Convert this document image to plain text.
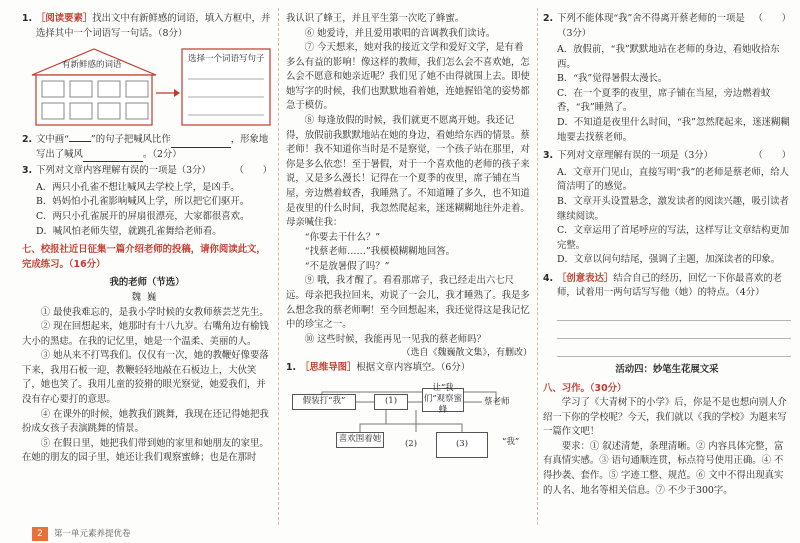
1. ［阅读要素］找出文中有新鲜感的词语，填入方框中，并选择其中一个词语写一句话。（8分）
有新鲜感的词语
选择一个词语写句子
2. 文中画“ ”的句子把喊风比作	，形象地写出了喊风	。（2分）
3. 下列对文章内容理解有误的一项是（3分）	（　　）
A．两只小孔雀不想让喊风去学校上学，是凶手。
B．妈妈怕小孔雀影响喊风上学，所以把它们驱开。
C．两只小孔雀展开的屏扇很漂亮，大家都很喜欢。
D．喊风怕老师失望，就跳孔雀舞给老师看。
七、校报社近日征集一篇介绍老师的投稿，请你阅读此文，完成练习。（16分）
我的老师（节选）
魏巍
① 最使我难忘的，是我小学时候的女教师蔡芸芝先生。
② 现在回想起来，她那时有十八九岁。右嘴角边有榆钱大小的黑痣。在我的记忆里，她是一个温柔、美丽的人。
③ 她从来不打骂我们。仅仅有一次，她的教鞭好像要落下来，我用石板一迎，教鞭轻轻地敲在石板边上，大伙笑了，她也笑了。我用儿童的狡猾的眼光察觉，她爱我们，并没有存心要打的意思。
④ 在课外的时候，她教我们跳舞，我现在还记得她把我扮成女孩子表演跳舞的情景。
⑤ 在假日里，她把我们带到她的家里和她朋友的家里。在她的朋友的园子里，她还让我们观察蜜蜂；也是在那时
我认识了蜂王，并且平生第一次吃了蜂蜜。
⑥ 她爱诗，并且爱用歌唱的音调教我们读诗。
⑦ 今天想来，她对我的接近文学和爱好文学，是有着多么有益的影响！像这样的教师，我们怎么会不喜欢她，怎么会不愿意和她亲近呢？我们见了她不由得就围上去。即使她写字的时候，我们也默默地看着她，连她握铅笔的姿势都急于模仿。
⑧ 每逢放假的时候，我们就更不愿离开她。我还记得，放假前我默默地站在她的身边，看她给东西的情景。蔡老师！我不知道你当时是不是察觉，一个孩子站在那里，对你是多么依恋！至于暑假，对于一个喜欢他的老师的孩子来说，又是多么漫长！记得在一个夏季的夜里，席子铺在当屋，旁边燃着蚊香，我睡熟了。不知道睡了多久，也不知道是夜里的什么时间，我忽然爬起来，迷迷糊糊地往外走着。母亲喊住我：
“你要去干什么？”
“找蔡老师……”我模模糊糊地回答。
“不是放暑假了吗？”
⑨ 哦，我才醒了。看看那席子，我已经走出六七尺远。母亲把我拉回来，劝说了一会儿，我才睡熟了。我是多么想念我的蔡老师啊！至今回想起来，我还觉得这是我记忆中的珍宝之一。
⑩ 这些时候，我能再见一见我的蔡老师吗？
（选自《魏巍散文集》，有删改）
1. ［思维导图］根据文章内容填空。（6分）
假装打“我”	(1)
让“我们”观察蜜蜂
蔡老师
喜欢围着她	(3)
(2)	“我”
2. 下列不能体现“我”舍不得离开蔡老师的一项是（3分）
（　　）
A．放假前，“我”默默地站在老师的身边，看她收拾东西。
B．“我”觉得暑假太漫长。
C．在一个夏季的夜里，席子铺在当屋，旁边燃着蚊香，“我”睡熟了。
D．不知道是夜里什么时间，“我”忽然爬起来，迷迷糊糊地要去找蔡老师。
3. 下列对文章理解有误的一项是（3分）	（　　）
A．文章开门见山，直接写明“我”的老师是蔡老师，给人简洁明了的感觉。
B．文章开头设置悬念，激发读者的阅读兴趣，吸引读者继续阅读。
C．文章运用了首尾呼应的写法，这样写让文章结构更加完整。
D．文章以问句结尾，强调了主题，加深读者的印象。
4. ［创意表达］结合自己的经历，回忆一下你最喜欢的老师，试着用一两句话写写他（她）的特点。（4分）
活动四：妙笔生花展文采
八、习作。（30分）
学习了《大青树下的小学》后，你是不是也想向别人介绍一下你的学校呢？今天，我们就以《我的学校》为题来写一篇作文吧！
要求：① 叙述清楚，条理清晰。② 内容具体完整，富有真情实感。③ 语句通顺连贯，标点符号使用正确。④ 不得抄袭、套作。⑤ 字迹工整、规范。⑥ 文中不得出现真实的人名、地名等相关信息。⑦ 不少于300字。
2	第一单元素养提优卷
